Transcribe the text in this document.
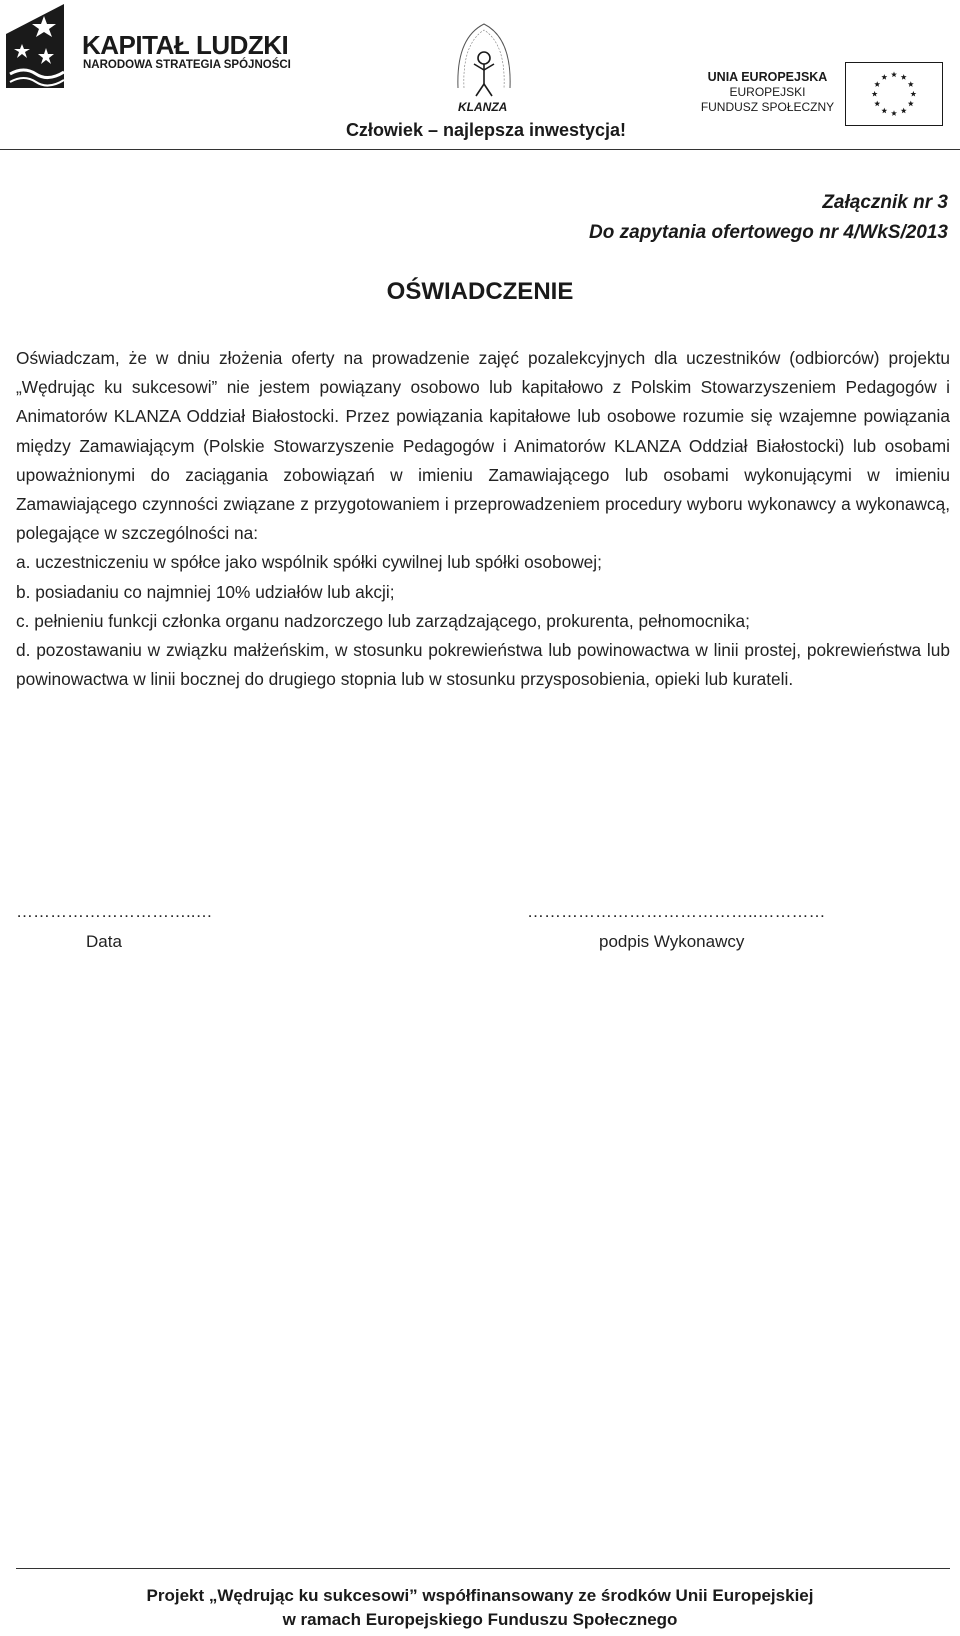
KAPITAŁ LUDZKI
NARODOWA STRATEGIA SPÓJNOŚCI
KLANZA
UNIA EUROPEJSKA
EUROPEJSKI
FUNDUSZ SPOŁECZNY
Człowiek – najlepsza inwestycja!
Załącznik nr 3
Do zapytania ofertowego nr 4/WkS/2013
OŚWIADCZENIE

Oświadczam, że w dniu złożenia oferty na prowadzenie zajęć pozalekcyjnych dla uczestników (odbiorców) projektu „Wędrując ku sukcesowi” nie jestem powiązany osobowo lub kapitałowo z Polskim Stowarzyszeniem Pedagogów i Animatorów KLANZA Oddział Białostocki. Przez powiązania kapitałowe lub osobowe rozumie się wzajemne powiązania między Zamawiającym (Polskie Stowarzyszenie Pedagogów i Animatorów KLANZA Oddział Białostocki) lub osobami upoważnionymi do zaciągania zobowiązań w imieniu Zamawiającego lub osobami wykonującymi w imieniu Zamawiającego czynności związane z przygotowaniem i przeprowadzeniem procedury wyboru wykonawcy a wykonawcą, polegające w szczególności na:

a. uczestniczeniu w spółce jako wspólnik spółki cywilnej lub spółki osobowej;
b. posiadaniu co najmniej 10% udziałów lub akcji;
c. pełnieniu funkcji członka organu nadzorczego lub zarządzającego, prokurenta, pełnomocnika;
d. pozostawaniu w związku małżeńskim, w stosunku pokrewieństwa lub powinowactwa w linii prostej, pokrewieństwa lub powinowactwa w linii bocznej do drugiego stopnia lub w stosunku przysposobienia, opieki lub kurateli.
…………………………..…
Data
…………………………………..…………
podpis Wykonawcy
Projekt „Wędrując ku sukcesowi” współfinansowany ze środków Unii Europejskiej
w ramach Europejskiego Funduszu Społecznego
